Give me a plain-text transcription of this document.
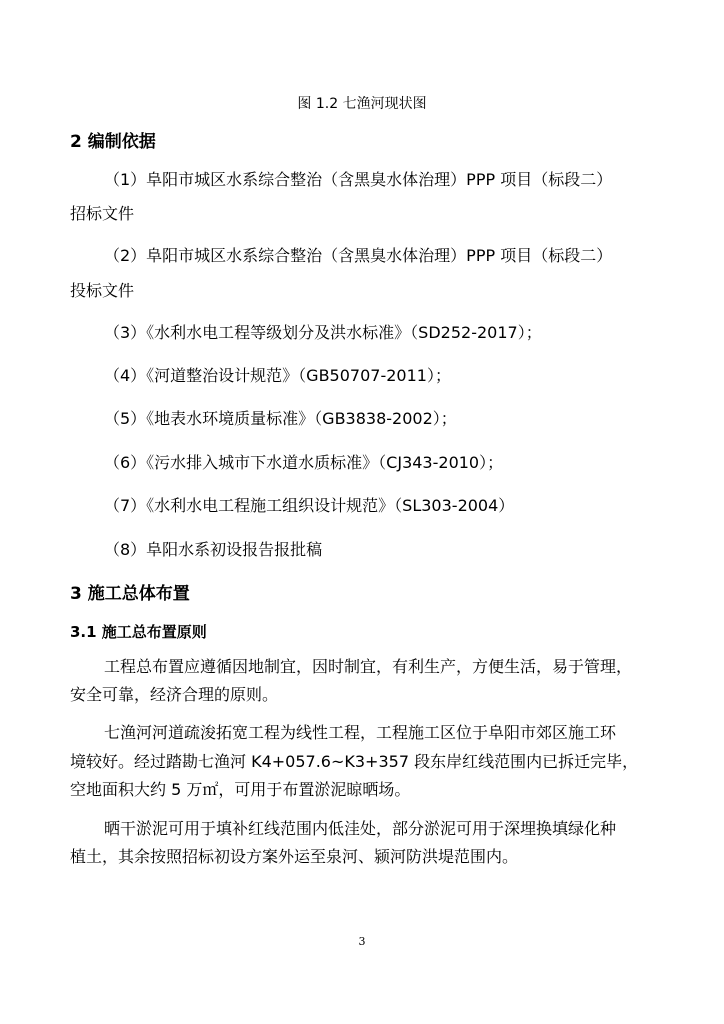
图 1.2 七渔河现状图
2 编制依据
（1）阜阳市城区水系综合整治（含黑臭水体治理）PPP 项目（标段二）
招标文件
（2）阜阳市城区水系综合整治（含黑臭水体治理）PPP 项目（标段二）
投标文件
（3）《水利水电工程等级划分及洪水标准》（SD252-2017）；
（4）《河道整治设计规范》（GB50707-2011）；
（5）《地表水环境质量标准》（GB3838-2002）；
（6）《污水排入城市下水道水质标准》（CJ343-2010）；
（7）《水利水电工程施工组织设计规范》（SL303-2004）
（8）阜阳水系初设报告报批稿
3 施工总体布置
3.1 施工总布置原则
工程总布置应遵循因地制宜，因时制宜，有利生产，方便生活，易于管理，
安全可靠，经济合理的原则。
七渔河河道疏浚拓宽工程为线性工程，工程施工区位于阜阳市郊区施工环
境较好。经过踏勘七渔河 K4+057.6~K3+357 段东岸红线范围内已拆迁完毕，
空地面积大约 5 万㎡，可用于布置淤泥晾晒场。
晒干淤泥可用于填补红线范围内低洼处，部分淤泥可用于深埋换填绿化种
植土，其余按照招标初设方案外运至泉河、颍河防洪堤范围内。
3
